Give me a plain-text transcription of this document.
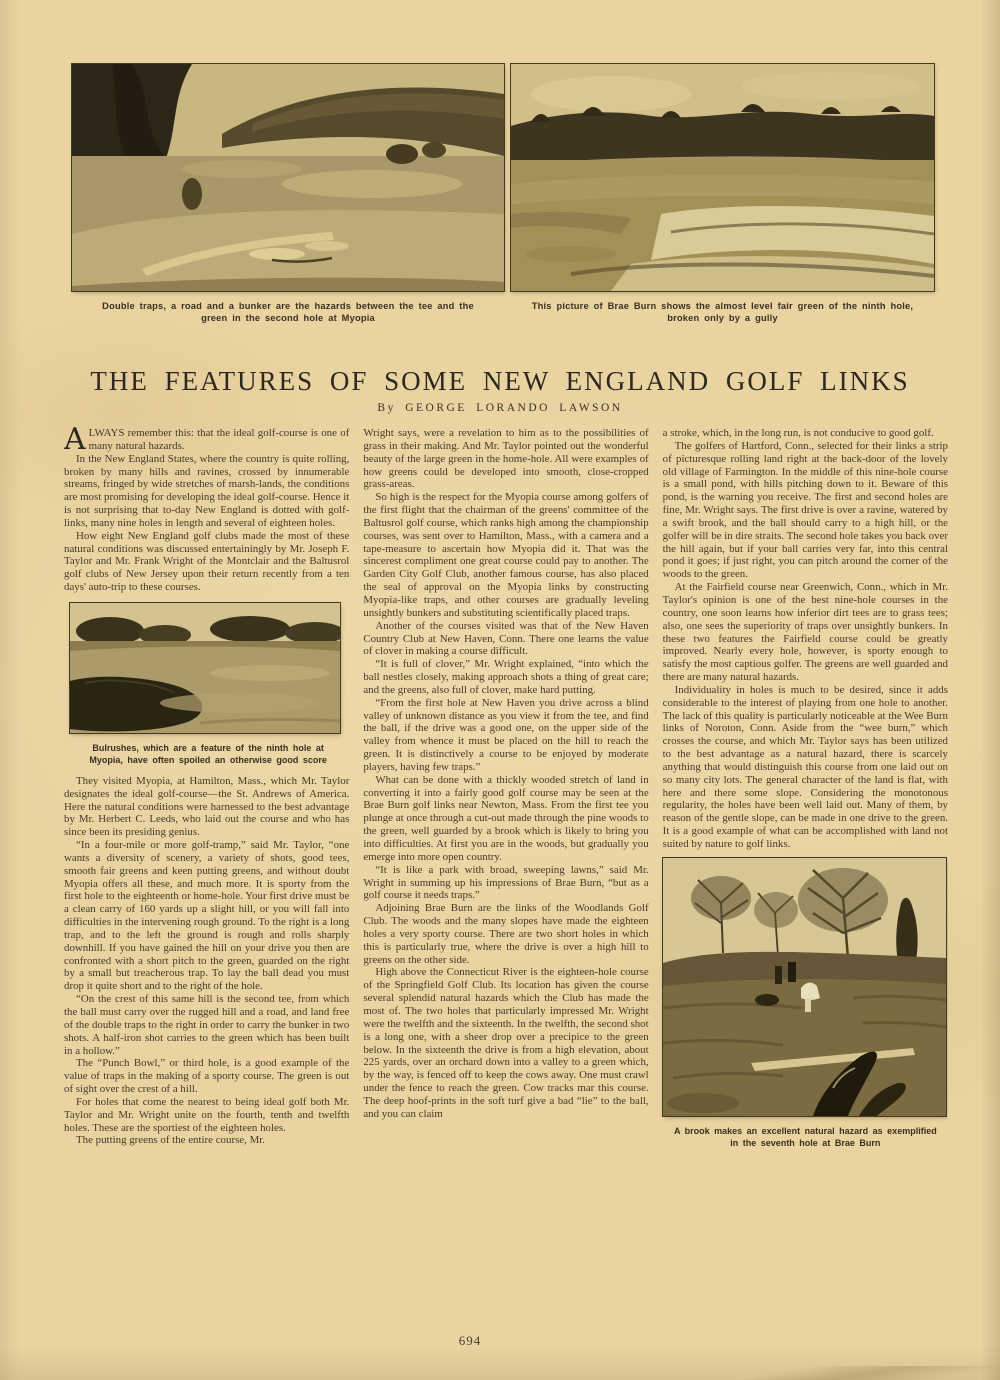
Double traps, a road and a bunker are the hazards between the tee and the green in the second hole at Myopia
This picture of Brae Burn shows the almost level fair green of the ninth hole, broken only by a gully
THE FEATURES OF SOME NEW ENGLAND GOLF LINKS
By GEORGE LORANDO LAWSON

ALWAYS remember this: that the ideal golf-course is one of many natural hazards.

In the New England States, where the country is quite rolling, broken by many hills and ravines, crossed by innumerable streams, fringed by wide stretches of marsh-lands, the conditions are most promising for developing the ideal golf-course. Hence it is not surprising that to-day New England is dotted with golf-links, many nine holes in length and several of eighteen holes.

How eight New England golf clubs made the most of these natural conditions was discussed entertainingly by Mr. Joseph F. Taylor and Mr. Frank Wright of the Montclair and the Baltusrol golf clubs of New Jersey upon their return recently from a ten days' auto-trip to these courses.

Bulrushes, which are a feature of the ninth hole at Myopia, have often spoiled an otherwise good score

They visited Myopia, at Hamilton, Mass., which Mr. Taylor designates the ideal golf-course—the St. Andrews of America. Here the natural conditions were harnessed to the best advantage by Mr. Herbert C. Leeds, who laid out the course and who has since been its presiding genius.

“In a four-mile or more golf-tramp,” said Mr. Taylor, “one wants a diversity of scenery, a variety of shots, good tees, smooth fair greens and keen putting greens, and without doubt Myopia offers all these, and much more. It is sporty from the first hole to the eighteenth or home-hole. Your first drive must be a clean carry of 160 yards up a slight hill, or you will fall into difficulties in the intervening rough ground. To the right is a long trap, and to the left the ground is rough and rolls sharply downhill. If you have gained the hill on your drive you then are confronted with a short pitch to the green, guarded on the right by a small but treacherous trap. To lay the ball dead you must drop it quite short and to the right of the hole.

“On the crest of this same hill is the second tee, from which the ball must carry over the rugged hill and a road, and land free of the double traps to the right in order to carry the bunker in two shots. A half-iron shot carries to the green which has been built in a hollow.”

The “Punch Bowl,” or third hole, is a good example of the value of traps in the making of a sporty course. The green is out of sight over the crest of a hill.

For holes that come the nearest to being ideal golf both Mr. Taylor and Mr. Wright unite on the fourth, tenth and twelfth holes. These are the sportiest of the eighteen holes.

The putting greens of the entire course, Mr.

Wright says, were a revelation to him as to the possibilities of grass in their making. And Mr. Taylor pointed out the wonderful beauty of the large green in the home-hole. All were examples of how greens could be developed into smooth, close-cropped grass-areas.

So high is the respect for the Myopia course among golfers of the first flight that the chairman of the greens' committee of the Baltusrol golf course, which ranks high among the championship courses, was sent over to Hamilton, Mass., with a camera and a tape-measure to ascertain how Myopia did it. That was the sincerest compliment one great course could pay to another. The Garden City Golf Club, another famous course, has also placed the seal of approval on the Myopia links by constructing Myopia-like traps, and other courses are gradually leveling unsightly bunkers and substituting scientifically placed traps.

Another of the courses visited was that of the New Haven Country Club at New Haven, Conn. There one learns the value of clover in making a course difficult.

“It is full of clover,” Mr. Wright explained, “into which the ball nestles closely, making approach shots a thing of great care; and the greens, also full of clover, make hard putting.

“From the first hole at New Haven you drive across a blind valley of unknown distance as you view it from the tee, and find the ball, if the drive was a good one, on the upper side of the valley from whence it must be placed on the hill to reach the green. It is distinctively a course to be enjoyed by moderate players, having few traps.”

What can be done with a thickly wooded stretch of land in converting it into a fairly good golf course may be seen at the Brae Burn golf links near Newton, Mass. From the first tee you plunge at once through a cut-out made through the pine woods to the green, well guarded by a brook which is likely to bring you into difficulties. At first you are in the woods, but gradually you emerge into more open country.

“It is like a park with broad, sweeping lawns,” said Mr. Wright in summing up his impressions of Brae Burn, “but as a golf course it needs traps.”

Adjoining Brae Burn are the links of the Woodlands Golf Club. The woods and the many slopes have made the eighteen holes a very sporty course. There are two short holes in which this is particularly true, where the drive is over a high hill to greens on the other side.

High above the Connecticut River is the eighteen-hole course of the Springfield Golf Club. Its location has given the course several splendid natural hazards which the Club has made the most of. The two holes that particularly impressed Mr. Wright were the twelfth and the sixteenth. In the twelfth, the second shot is a long one, with a sheer drop over a precipice to the green below. In the sixteenth the drive is from a high elevation, about 225 yards, over an orchard down into a valley to a green which, by the way, is fenced off to keep the cows away. One must crawl under the fence to reach the green. Cow tracks mar this course. The deep hoof-prints in the soft turf give a bad “lie” to the ball, and you can claim

a stroke, which, in the long run, is not conducive to good golf.

The golfers of Hartford, Conn., selected for their links a strip of picturesque rolling land right at the back-door of the lovely old village of Farmington. In the middle of this nine-hole course is a small pond, with hills pitching down to it. Beware of this pond, is the warning you receive. The first and second holes are fine, Mr. Wright says. The first drive is over a ravine, watered by a swift brook, and the ball should carry to a high hill, or the golfer will be in dire straits. The second hole takes you back over the hill again, but if your ball carries very far, into this central pond it goes; if just right, you can pitch around the corner of the woods to the green.

At the Fairfield course near Greenwich, Conn., which in Mr. Taylor's opinion is one of the best nine-hole courses in the country, one soon learns how inferior dirt tees are to grass tees; also, one sees the superiority of traps over unsightly bunkers. In these two features the Fairfield course could be greatly improved. Nearly every hole, however, is sporty enough to satisfy the most captious golfer. The greens are well guarded and there are many natural hazards.

Individuality in holes is much to be desired, since it adds considerable to the interest of playing from one hole to another. The lack of this quality is particularly noticeable at the Wee Burn links of Noroton, Conn. Aside from the “wee burn,” which crosses the course, and which Mr. Taylor says has been utilized to the best advantage as a natural hazard, there is scarcely anything that would distinguish this course from one laid out on so many city lots. The general character of the land is flat, with here and there some slope. Considering the monotonous regularity, the holes have been well laid out. Many of them, by reason of the gentle slope, can be made in one drive to the green. It is a good example of what can be accomplished with land not suited by nature to golf links.

A brook makes an excellent natural hazard as exemplified in the seventh hole at Brae Burn
694
